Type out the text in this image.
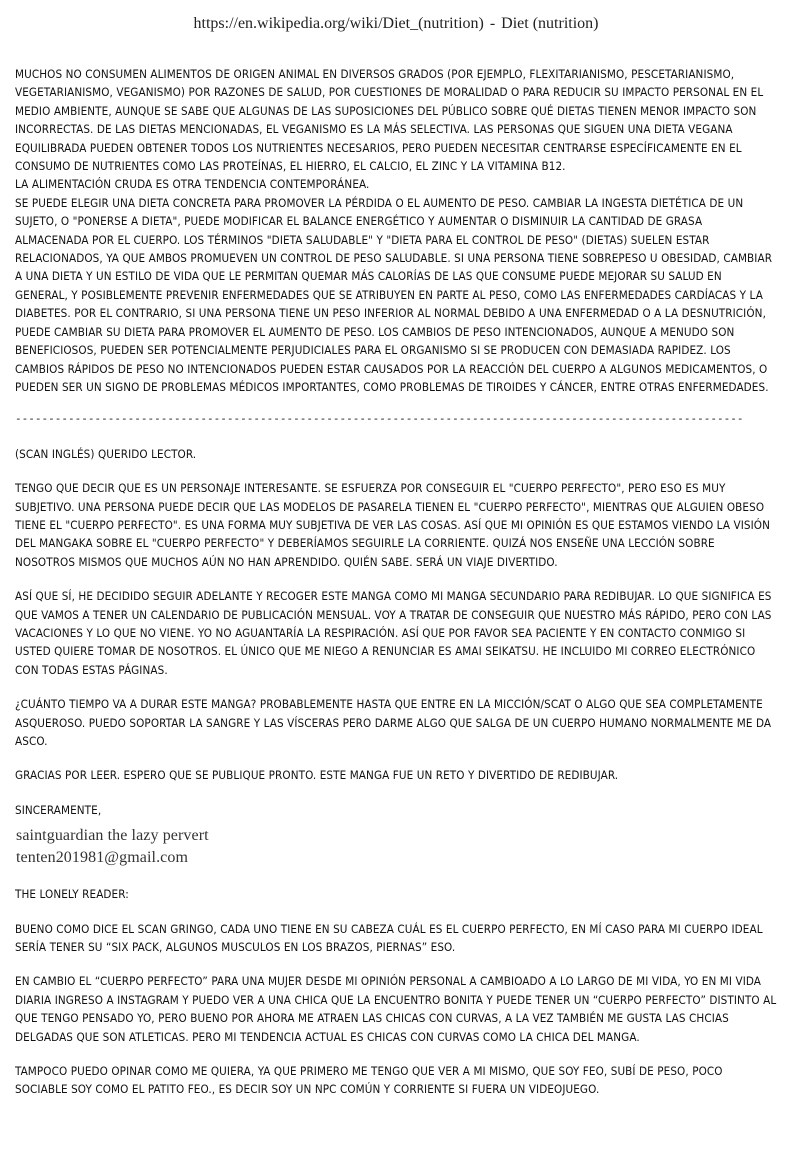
https://en.wikipedia.org/wiki/Diet_(nutrition) - Diet (nutrition)

MUCHOS NO CONSUMEN ALIMENTOS DE ORIGEN ANIMAL EN DIVERSOS GRADOS (POR EJEMPLO, FLEXITARIANISMO, PESCETARIANISMO, VEGETARIANISMO, VEGANISMO) POR RAZONES DE SALUD, POR CUESTIONES DE MORALIDAD O PARA REDUCIR SU IMPACTO PERSONAL EN EL MEDIO AMBIENTE, AUNQUE SE SABE QUE ALGUNAS DE LAS SUPOSICIONES DEL PÚBLICO SOBRE QUÉ DIETAS TIENEN MENOR IMPACTO SON INCORRECTAS. DE LAS DIETAS MENCIONADAS, EL VEGANISMO ES LA MÁS SELECTIVA. LAS PERSONAS QUE SIGUEN UNA DIETA VEGANA EQUILIBRADA PUEDEN OBTENER TODOS LOS NUTRIENTES NECESARIOS, PERO PUEDEN NECESITAR CENTRARSE ESPECÍFICAMENTE EN EL CONSUMO DE NUTRIENTES COMO LAS PROTEÍNAS, EL HIERRO, EL CALCIO, EL ZINC Y LA VITAMINA B12.

LA ALIMENTACIÓN CRUDA ES OTRA TENDENCIA CONTEMPORÁNEA.

SE PUEDE ELEGIR UNA DIETA CONCRETA PARA PROMOVER LA PÉRDIDA O EL AUMENTO DE PESO. CAMBIAR LA INGESTA DIETÉTICA DE UN SUJETO, O "PONERSE A DIETA", PUEDE MODIFICAR EL BALANCE ENERGÉTICO Y AUMENTAR O DISMINUIR LA CANTIDAD DE GRASA ALMACENADA POR EL CUERPO. LOS TÉRMINOS "DIETA SALUDABLE" Y "DIETA PARA EL CONTROL DE PESO" (DIETAS) SUELEN ESTAR RELACIONADOS, YA QUE AMBOS PROMUEVEN UN CONTROL DE PESO SALUDABLE. SI UNA PERSONA TIENE SOBREPESO U OBESIDAD, CAMBIAR A UNA DIETA Y UN ESTILO DE VIDA QUE LE PERMITAN QUEMAR MÁS CALORÍAS DE LAS QUE CONSUME PUEDE MEJORAR SU SALUD EN GENERAL, Y POSIBLEMENTE PREVENIR ENFERMEDADES QUE SE ATRIBUYEN EN PARTE AL PESO, COMO LAS ENFERMEDADES CARDÍACAS Y LA DIABETES. POR EL CONTRARIO, SI UNA PERSONA TIENE UN PESO INFERIOR AL NORMAL DEBIDO A UNA ENFERMEDAD O A LA DESNUTRICIÓN, PUEDE CAMBIAR SU DIETA PARA PROMOVER EL AUMENTO DE PESO. LOS CAMBIOS DE PESO INTENCIONADOS, AUNQUE A MENUDO SON BENEFICIOSOS, PUEDEN SER POTENCIALMENTE PERJUDICIALES PARA EL ORGANISMO SI SE PRODUCEN CON DEMASIADA RAPIDEZ. LOS CAMBIOS RÁPIDOS DE PESO NO INTENCIONADOS PUEDEN ESTAR CAUSADOS POR LA REACCIÓN DEL CUERPO A ALGUNOS MEDICAMENTOS, O PUEDEN SER UN SIGNO DE PROBLEMAS MÉDICOS IMPORTANTES, COMO PROBLEMAS DE TIROIDES Y CÁNCER, ENTRE OTRAS ENFERMEDADES.

--------------------------------------------------------------------------------------------------------------

(SCAN INGLÉS) QUERIDO LECTOR.

TENGO QUE DECIR QUE ES UN PERSONAJE INTERESANTE. SE ESFUERZA POR CONSEGUIR EL "CUERPO PERFECTO", PERO ESO ES MUY SUBJETIVO. UNA PERSONA PUEDE DECIR QUE LAS MODELOS DE PASARELA TIENEN EL "CUERPO PERFECTO", MIENTRAS QUE ALGUIEN OBESO TIENE EL "CUERPO PERFECTO". ES UNA FORMA MUY SUBJETIVA DE VER LAS COSAS. ASÍ QUE MI OPINIÓN ES QUE ESTAMOS VIENDO LA VISIÓN DEL MANGAKA SOBRE EL "CUERPO PERFECTO" Y DEBERÍAMOS SEGUIRLE LA CORRIENTE. QUIZÁ NOS ENSEÑE UNA LECCIÓN SOBRE NOSOTROS MISMOS QUE MUCHOS AÚN NO HAN APRENDIDO. QUIÉN SABE. SERÁ UN VIAJE DIVERTIDO.

ASÍ QUE SÍ, HE DECIDIDO SEGUIR ADELANTE Y RECOGER ESTE MANGA COMO MI MANGA SECUNDARIO PARA REDIBUJAR. LO QUE SIGNIFICA ES QUE VAMOS A TENER UN CALENDARIO DE PUBLICACIÓN MENSUAL. VOY A TRATAR DE CONSEGUIR QUE NUESTRO MÁS RÁPIDO, PERO CON LAS VACACIONES Y LO QUE NO VIENE. YO NO AGUANTARÍA LA RESPIRACIÓN. ASÍ QUE POR FAVOR SEA PACIENTE Y EN CONTACTO CONMIGO SI USTED QUIERE TOMAR DE NOSOTROS. EL ÚNICO QUE ME NIEGO A RENUNCIAR ES AMAI SEIKATSU. HE INCLUIDO MI CORREO ELECTRÓNICO CON TODAS ESTAS PÁGINAS.

¿CUÁNTO TIEMPO VA A DURAR ESTE MANGA? PROBABLEMENTE HASTA QUE ENTRE EN LA MICCIÓN/SCAT O ALGO QUE SEA COMPLETAMENTE ASQUEROSO. PUEDO SOPORTAR LA SANGRE Y LAS VÍSCERAS PERO DARME ALGO QUE SALGA DE UN CUERPO HUMANO NORMALMENTE ME DA ASCO.

GRACIAS POR LEER. ESPERO QUE SE PUBLIQUE PRONTO. ESTE MANGA FUE UN RETO Y DIVERTIDO DE REDIBUJAR.

SINCERAMENTE,

saintguardian the lazy pervert

tenten201981@gmail.com

THE LONELY READER:

BUENO COMO DICE EL SCAN GRINGO, CADA UNO TIENE EN SU CABEZA CUÁL ES EL CUERPO PERFECTO, EN MÍ CASO PARA MI CUERPO IDEAL SERÍA TENER SU “SIX PACK, ALGUNOS MUSCULOS EN LOS BRAZOS, PIERNAS” ESO.

EN CAMBIO EL “CUERPO PERFECTO” PARA UNA MUJER DESDE MI OPINIÓN PERSONAL A CAMBIOADO A LO LARGO DE MI VIDA, YO EN MI VIDA DIARIA INGRESO A INSTAGRAM Y PUEDO VER A UNA CHICA QUE LA ENCUENTRO BONITA Y PUEDE TENER UN “CUERPO PERFECTO” DISTINTO AL QUE TENGO PENSADO YO, PERO BUENO POR AHORA ME ATRAEN LAS CHICAS CON CURVAS, A LA VEZ TAMBIÉN ME GUSTA LAS CHCIAS DELGADAS QUE SON ATLETICAS. PERO MI TENDENCIA ACTUAL ES CHICAS CON CURVAS COMO LA CHICA DEL MANGA.

TAMPOCO PUEDO OPINAR COMO ME QUIERA, YA QUE PRIMERO ME TENGO QUE VER A MI MISMO, QUE SOY FEO, SUBÍ DE PESO, POCO SOCIABLE SOY COMO EL PATITO FEO., ES DECIR SOY UN NPC COMÚN Y CORRIENTE SI FUERA UN VIDEOJUEGO.
